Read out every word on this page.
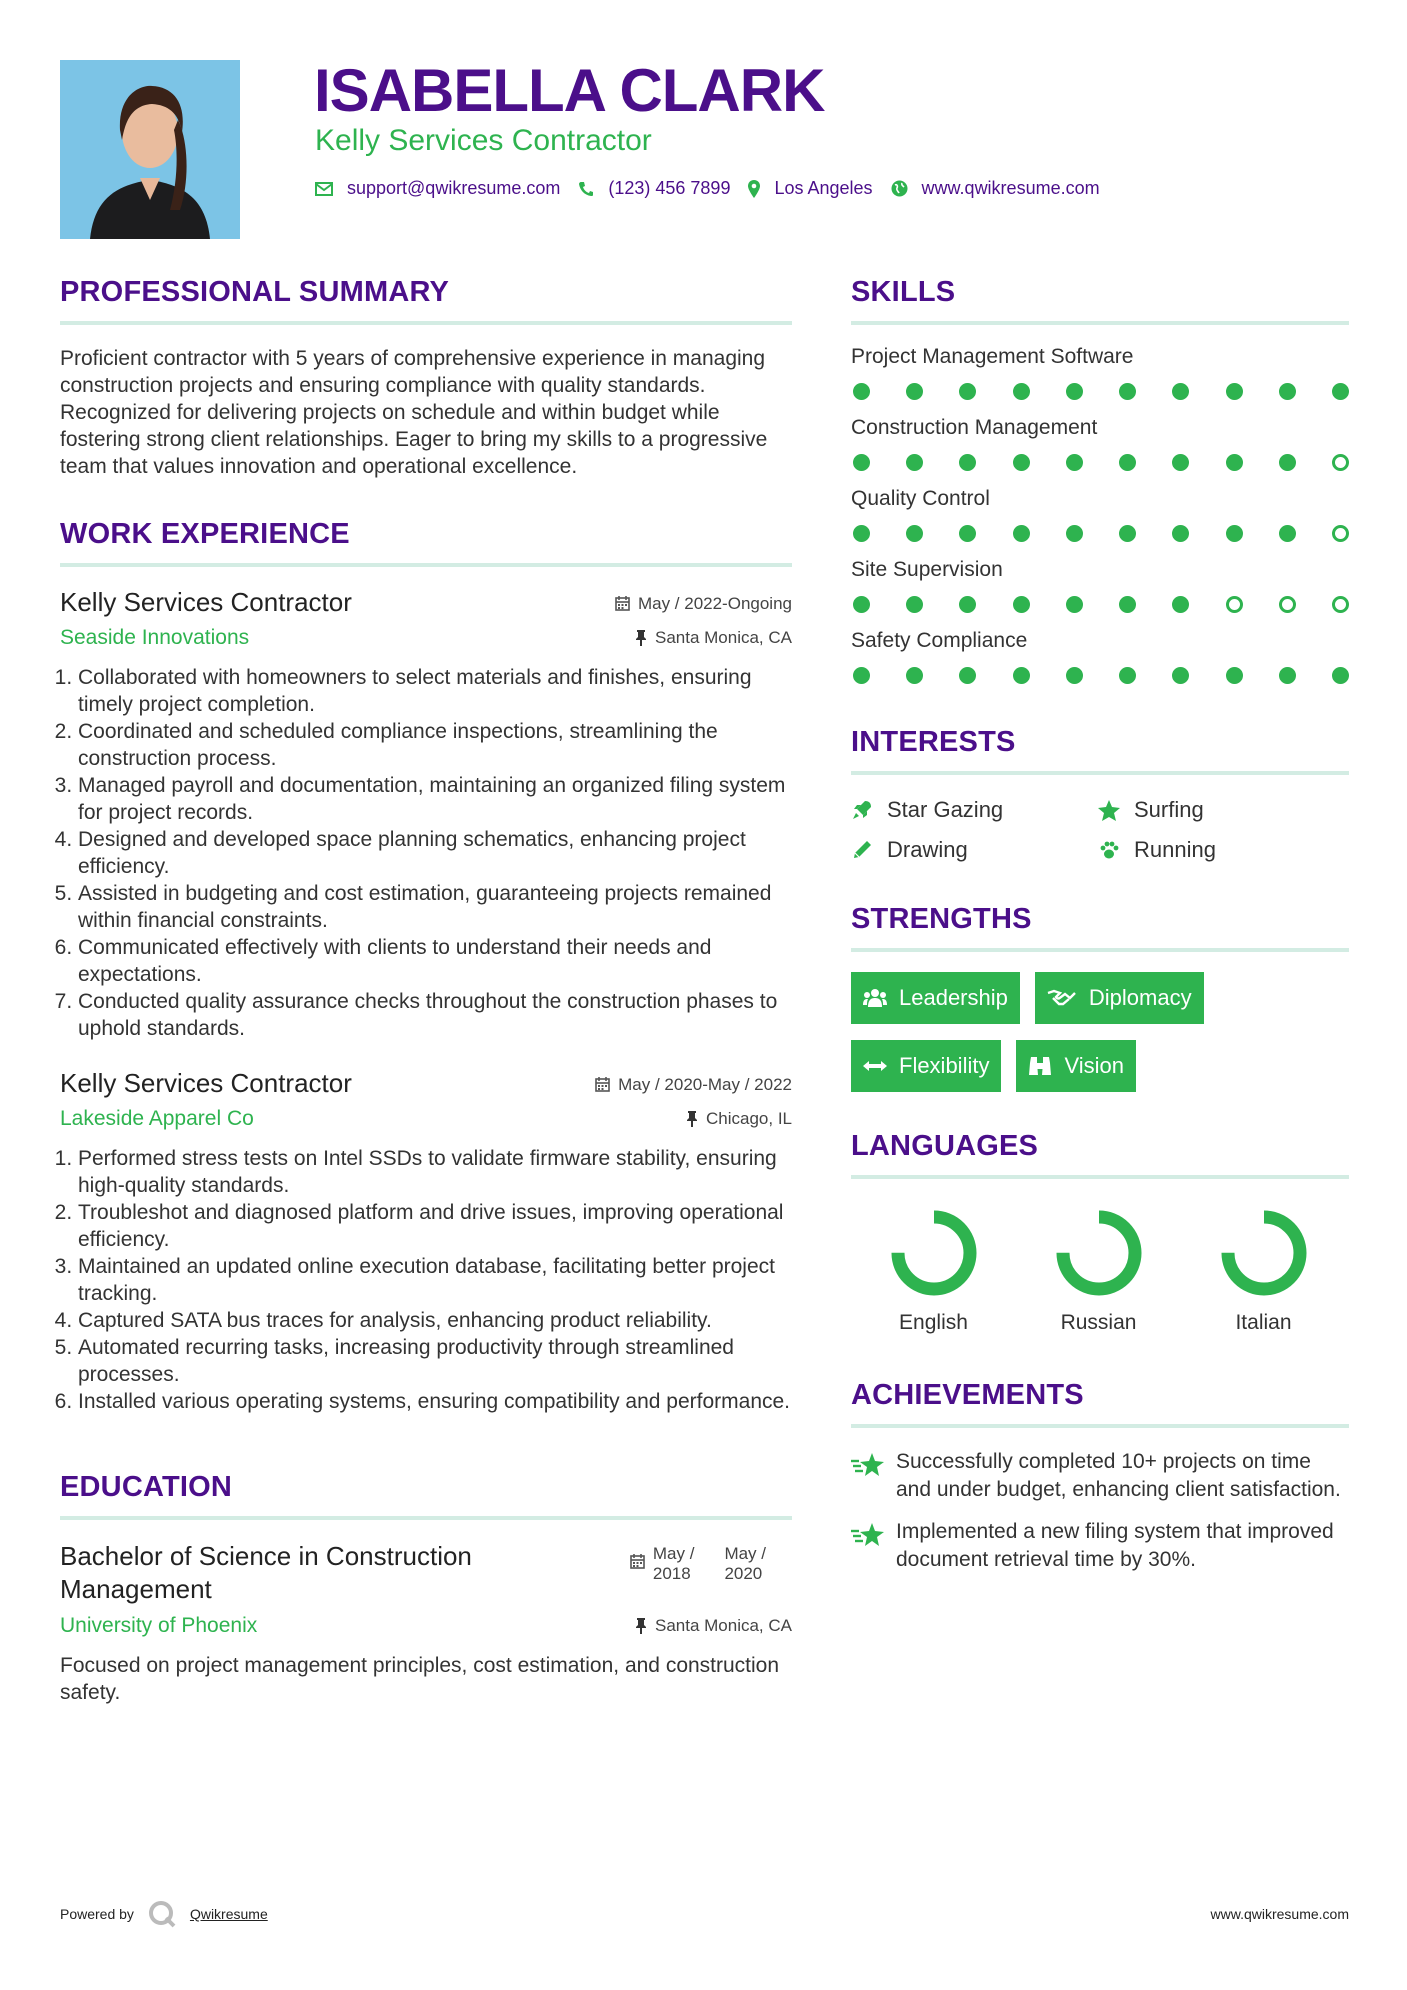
ISABELLA CLARK
Kelly Services Contractor
support@qwikresume.com	(123) 456 7899 Los Angeles	www.qwikresume.com
PROFESSIONAL SUMMARY

Proficient contractor with 5 years of comprehensive experience in managing construction projects and ensuring compliance with quality standards. Recognized for delivering projects on schedule and within budget while fostering strong client relationships. Eager to bring my skills to a progressive team that values innovation and operational excellence.

WORK EXPERIENCE
Kelly Services Contractor	May / 2022-Ongoing
Seaside Innovations	Santa Monica, CA
1. Collaborated with homeowners to select materials and finishes, ensuring timely project completion.
2. Coordinated and scheduled compliance inspections, streamlining the construction process.
3. Managed payroll and documentation, maintaining an organized filing system for project records.
4. Designed and developed space planning schematics, enhancing project efficiency.
5. Assisted in budgeting and cost estimation, guaranteeing projects remained within financial constraints.
6. Communicated effectively with clients to understand their needs and expectations.
7. Conducted quality assurance checks throughout the construction phases to uphold standards.
Kelly Services Contractor	May / 2020-May / 2022
Lakeside Apparel Co	Chicago, IL
1. Performed stress tests on Intel SSDs to validate firmware stability, ensuring high-quality standards.
2. Troubleshot and diagnosed platform and drive issues, improving operational efficiency.
3. Maintained an updated online execution database, facilitating better project tracking.
4. Captured SATA bus traces for analysis, enhancing product reliability.
5. Automated recurring tasks, increasing productivity through streamlined processes.
6. Installed various operating systems, ensuring compatibility and performance.
EDUCATION
Bachelor of Science in Construction Management
May /
2018
May /
2020
University of Phoenix	Santa Monica, CA

Focused on project management principles, cost estimation, and construction safety.

SKILLS
Project Management Software
Construction Management
Quality Control
Site Supervision
Safety Compliance
INTERESTS
Star Gazing	Surfing
Drawing	Running
STRENGTHS
Leadership	Diplomacy
Flexibility	Vision
LANGUAGES
English	Russian	Italian
ACHIEVEMENTS
Successfully completed 10+ projects on time and under budget, enhancing client satisfaction.
Implemented a new filing system that improved document retrieval time by 30%.
Powered by	Qwikresume	www.qwikresume.com
